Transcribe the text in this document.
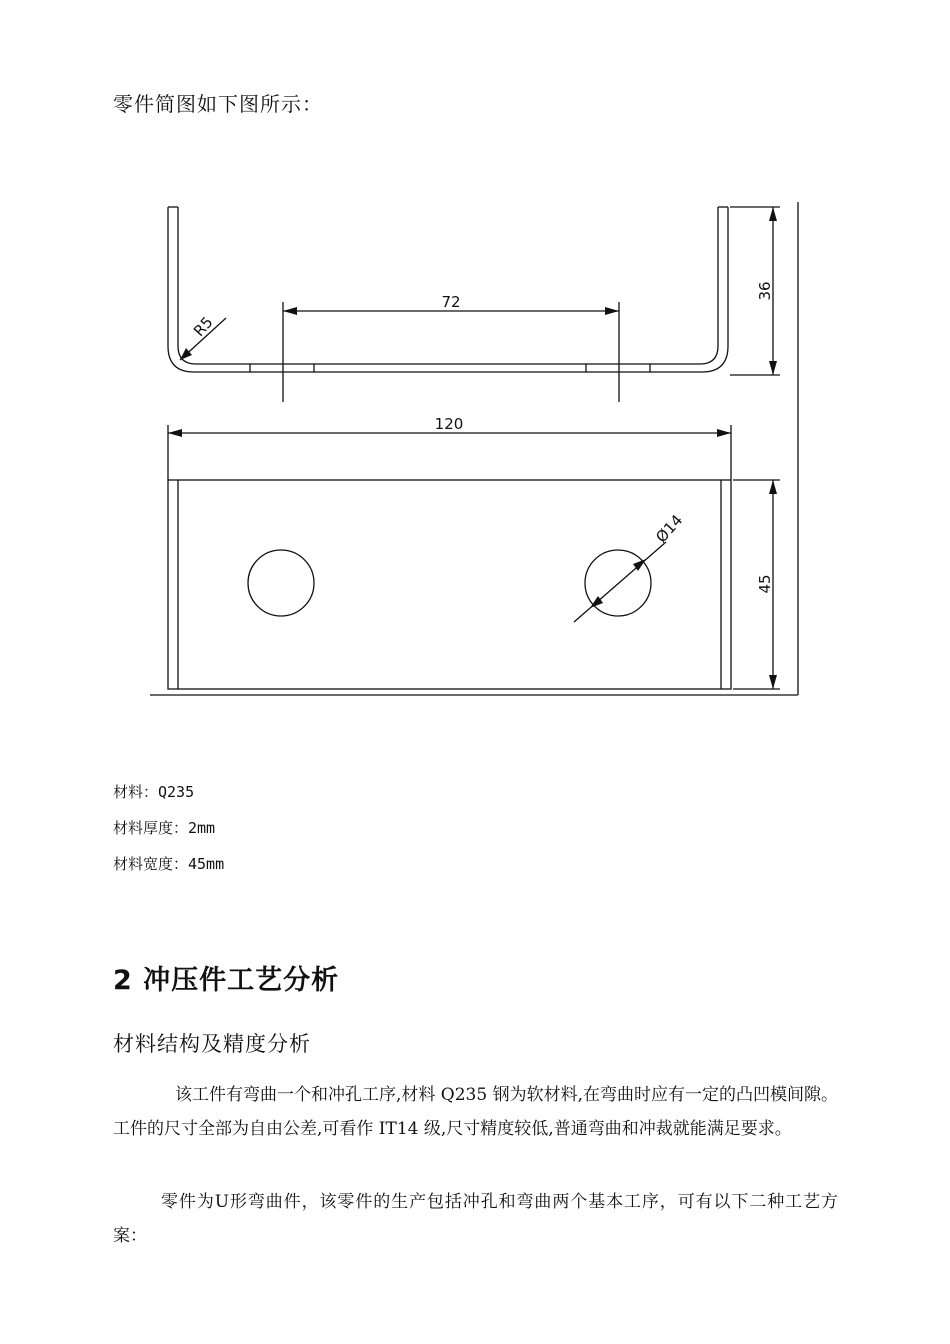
零件简图如下图所示：
72
R5
36
120
45
Ø14
材料：Q235
材料厚度：2mm
材料宽度：45mm
2 冲压件工艺分析
材料结构及精度分析
该工件有弯曲一个和冲孔工序,材料 Q235 钢为软材料,在弯曲时应有一定的凸凹模间隙。工件的尺寸全部为自由公差,可看作 IT14 级,尺寸精度较低,普通弯曲和冲裁就能满足要求。
零件为U形弯曲件，该零件的生产包括冲孔和弯曲两个基本工序，可有以下二种工艺方案：
